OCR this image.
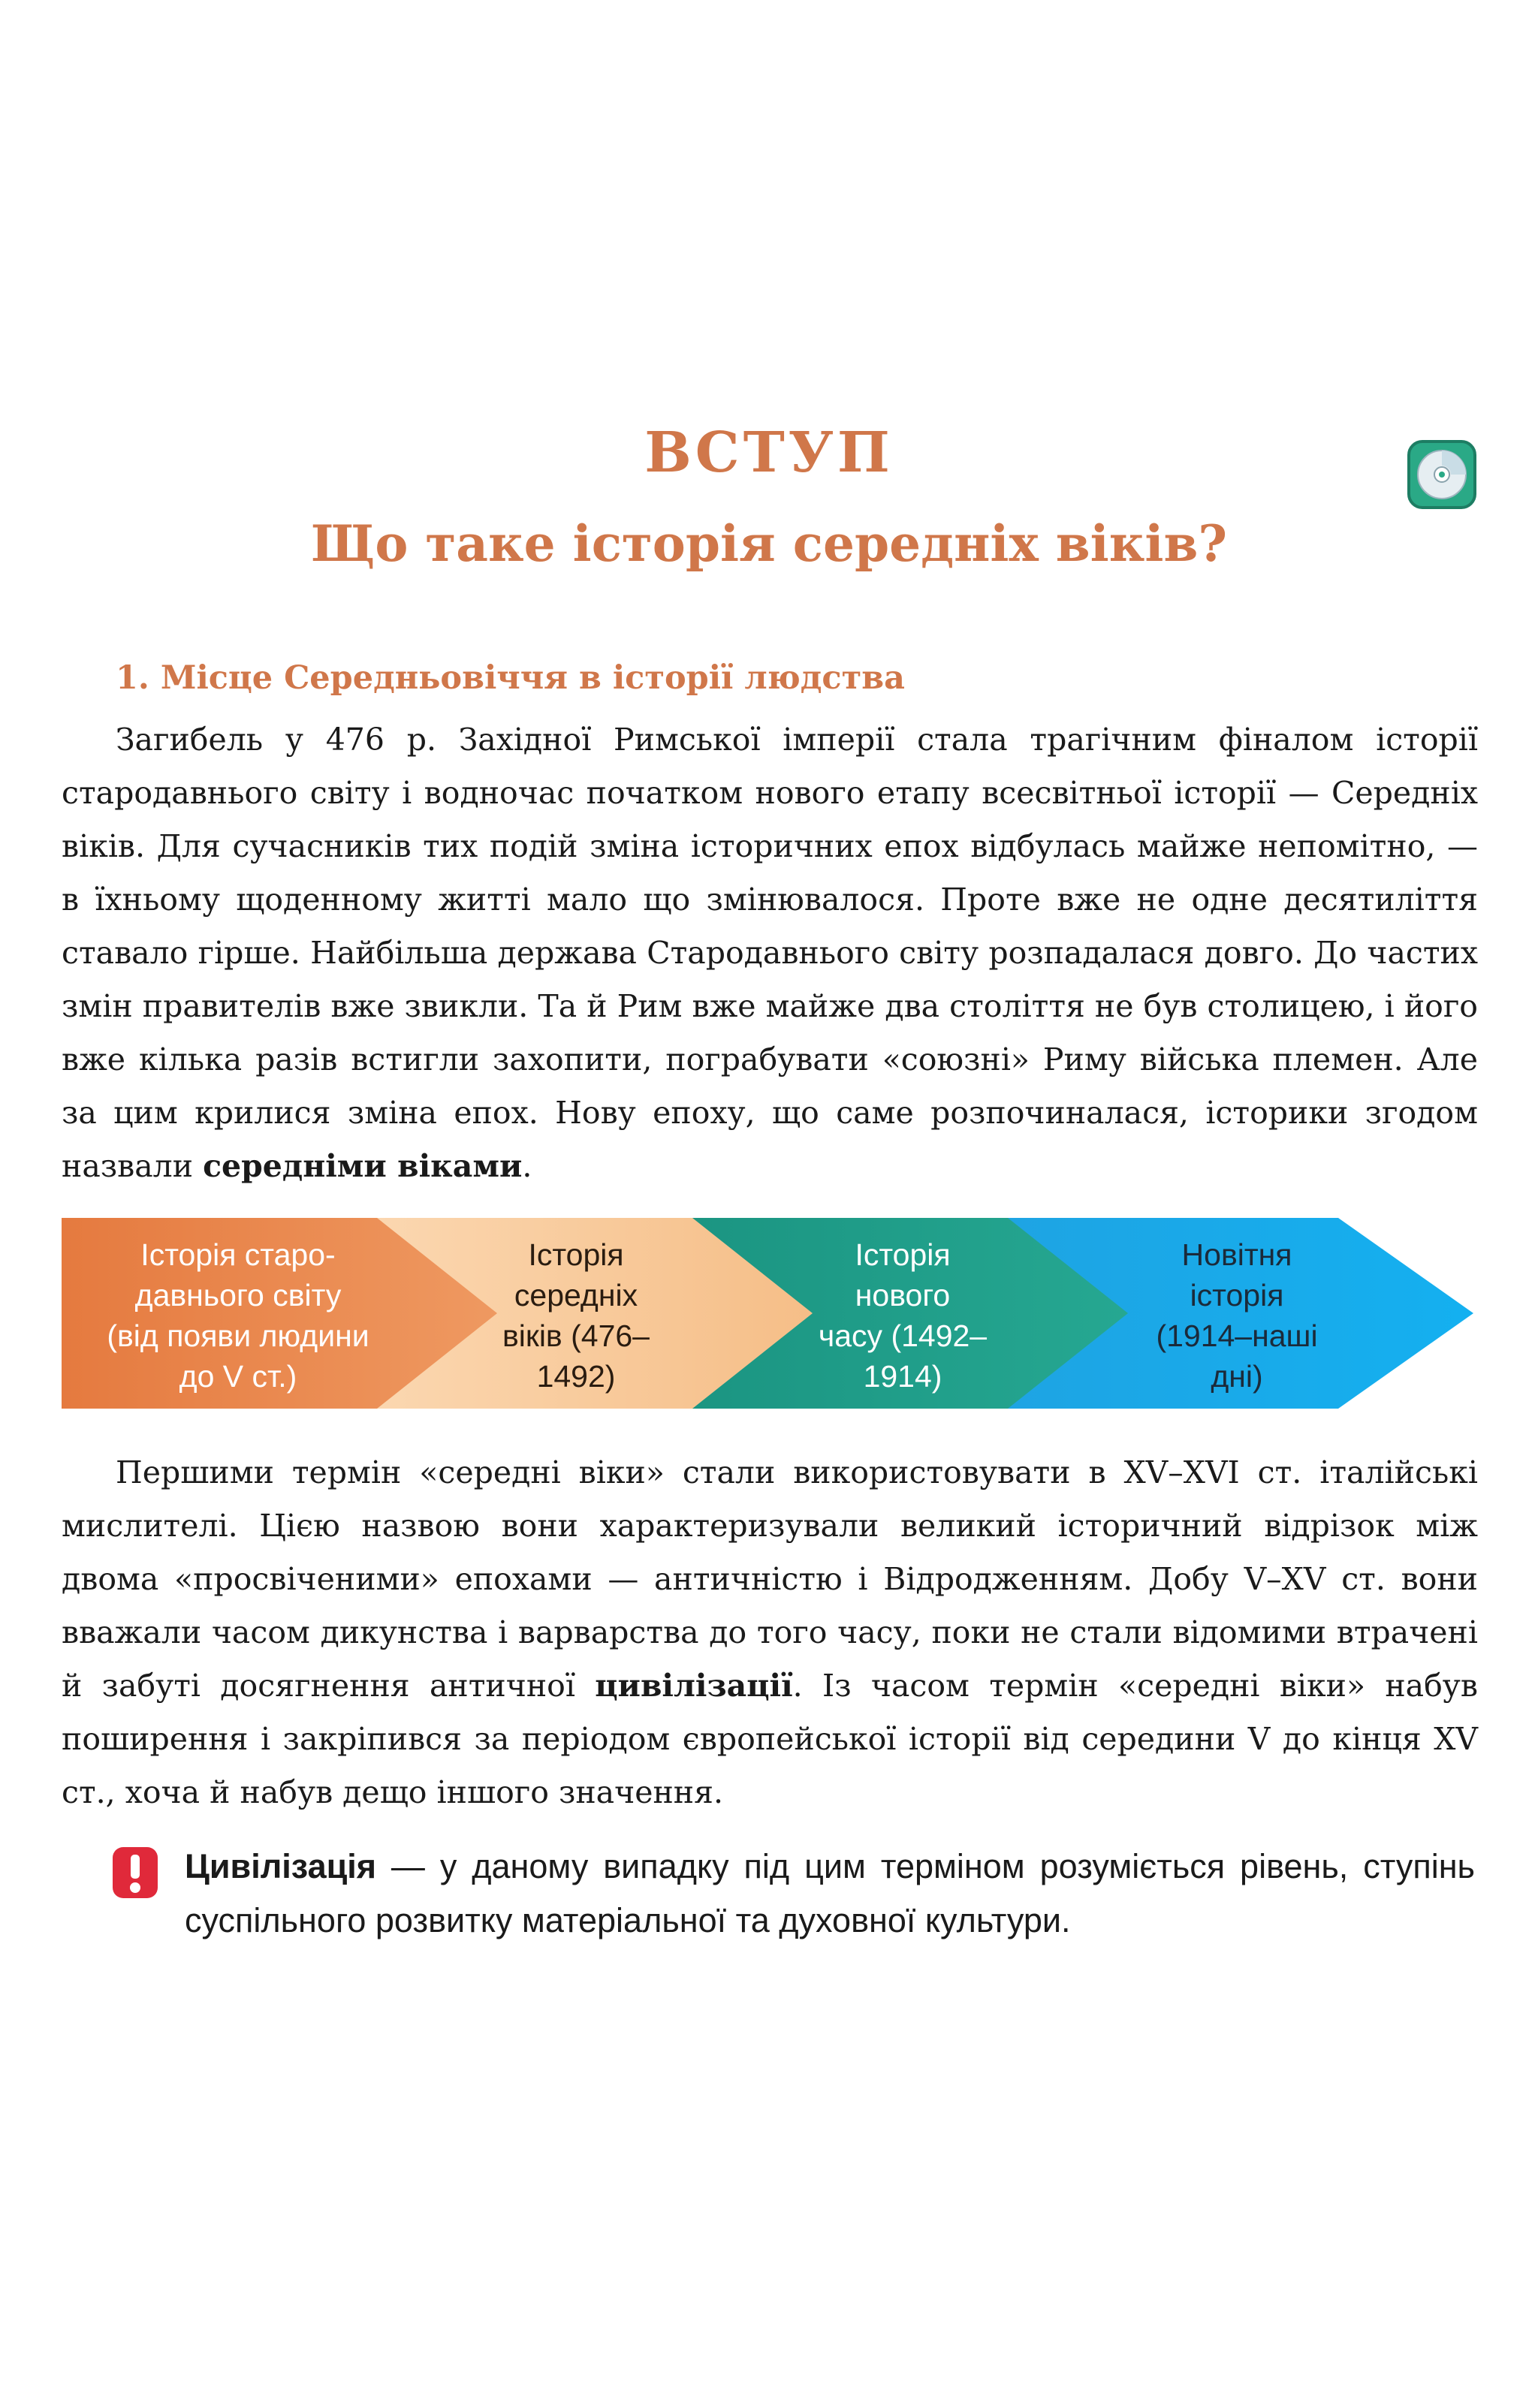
ВСТУП
Що таке історія середніх віків?
1. Місце Середньовіччя в історії людства

Загибель у 476 р. Західної Римської імперії стала трагічним фіналом історії стародавнього світу і водночас початком нового етапу всесвітньої історії — Середніх віків. Для сучасників тих подій зміна історичних епох відбулась майже непомітно, — в їхньому щоденному житті мало що змінювалося. Проте вже не одне десятиліття ставало гірше. Найбільша держава Стародавнього світу розпадалася довго. До частих змін правителів вже звикли. Та й Рим вже майже два століття не був столицею, і його вже кілька разів встигли захопити, пограбувати «союзні» Риму війська племен. Але за цим крилися зміна епох. Нову епоху, що саме розпочиналася, історики згодом назвали середніми віками.

Історія старо-
давнього світу
(від появи людини
до V ст.)
Історія
середніх
віків (476–
1492)
Історія
нового
часу (1492–
1914)
Новітня
історія
(1914–наші
дні)

Першими термін «середні віки» стали використовувати в XV–XVI ст. італійські мислителі. Цією назвою вони характеризували великий історичний відрізок між двома «просвіченими» епохами — античністю і Відродженням. Добу V–XV ст. вони вважали часом дикунства і варварства до того часу, поки не стали відомими втрачені й забуті досягнення античної цивілізації. Із часом термін «середні віки» набув поширення і закріпився за періодом європейської історії від середини V до кінця XV ст., хоча й набув дещо іншого значення.

Цивілізація — у даному випадку під цим терміном розуміється рівень, ступінь суспільного розвитку матеріальної та духовної культури.
